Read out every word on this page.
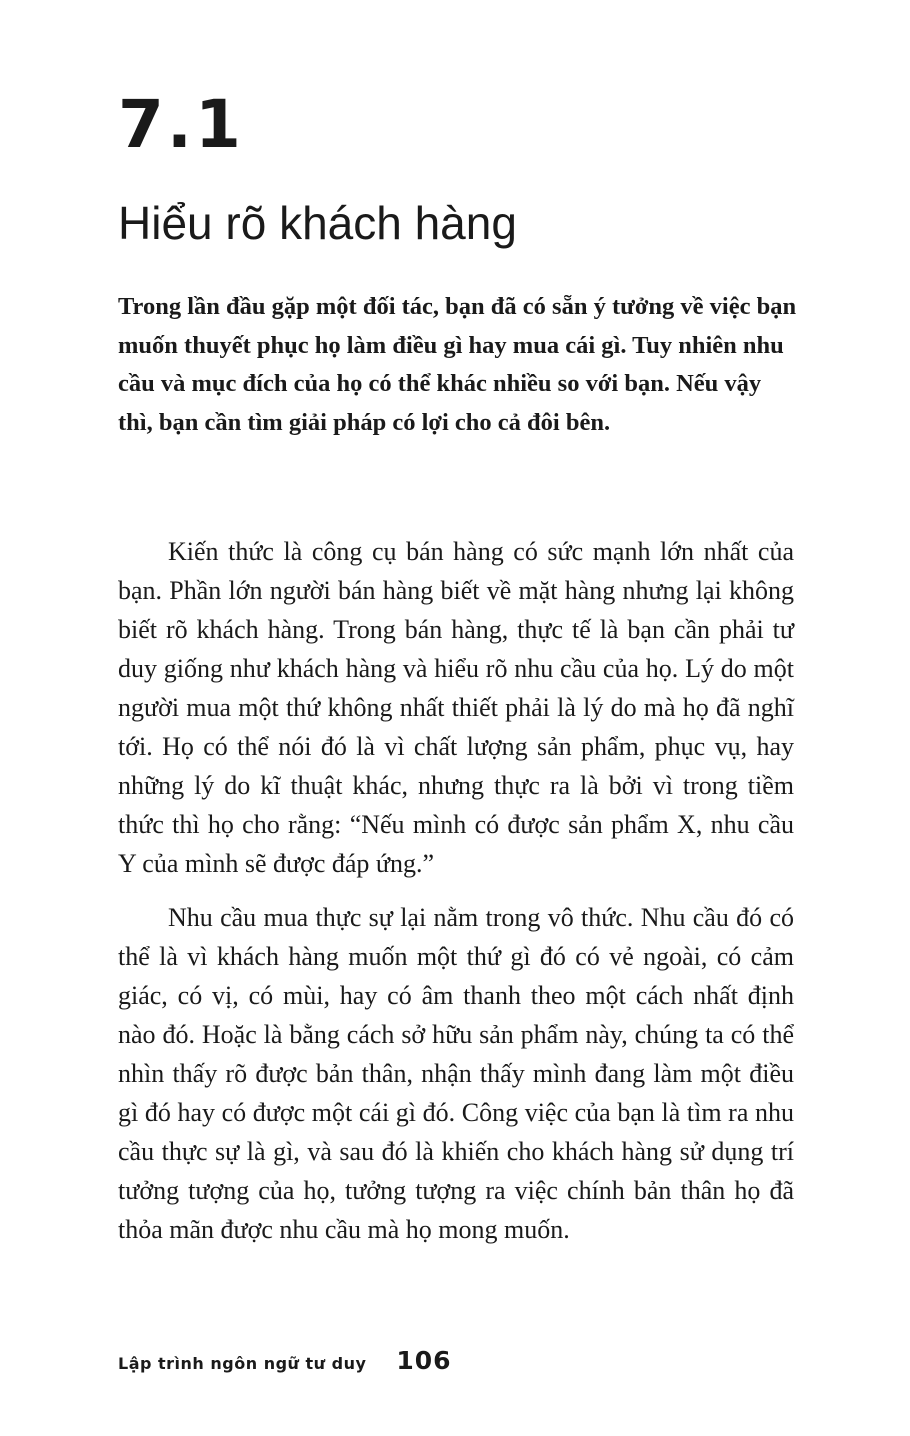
7.1
Hiểu rõ khách hàng

Trong lần đầu gặp một đối tác, bạn đã có sẵn ý tưởng về việc bạn muốn thuyết phục họ làm điều gì hay mua cái gì. Tuy nhiên nhu cầu và mục đích của họ có thể khác nhiều so với bạn. Nếu vậy thì, bạn cần tìm giải pháp có lợi cho cả đôi bên.

Kiến thức là công cụ bán hàng có sức mạnh lớn nhất của bạn. Phần lớn người bán hàng biết về mặt hàng nhưng lại không biết rõ khách hàng. Trong bán hàng, thực tế là bạn cần phải tư duy giống như khách hàng và hiểu rõ nhu cầu của họ. Lý do một người mua một thứ không nhất thiết phải là lý do mà họ đã nghĩ tới. Họ có thể nói đó là vì chất lượng sản phẩm, phục vụ, hay những lý do kĩ thuật khác, nhưng thực ra là bởi vì trong tiềm thức thì họ cho rằng: “Nếu mình có được sản phẩm X, nhu cầu Y của mình sẽ được đáp ứng.”

Nhu cầu mua thực sự lại nằm trong vô thức. Nhu cầu đó có thể là vì khách hàng muốn một thứ gì đó có vẻ ngoài, có cảm giác, có vị, có mùi, hay có âm thanh theo một cách nhất định nào đó. Hoặc là bằng cách sở hữu sản phẩm này, chúng ta có thể nhìn thấy rõ được bản thân, nhận thấy mình đang làm một điều gì đó hay có được một cái gì đó. Công việc của bạn là tìm ra nhu cầu thực sự là gì, và sau đó là khiến cho khách hàng sử dụng trí tưởng tượng của họ, tưởng tượng ra việc chính bản thân họ đã thỏa mãn được nhu cầu mà họ mong muốn.

Lập trình ngôn ngữ tư duy 106
